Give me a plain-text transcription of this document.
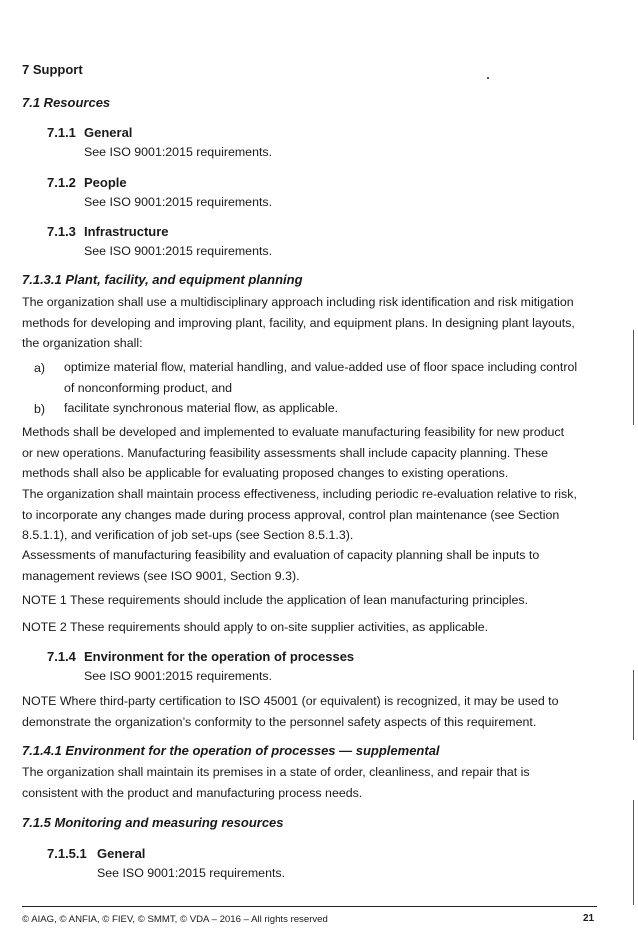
7 Support
7.1 Resources
7.1.1 General
See ISO 9001:2015 requirements.
7.1.2 People
See ISO 9001:2015 requirements.
7.1.3 Infrastructure
See ISO 9001:2015 requirements.
7.1.3.1 Plant, facility, and equipment planning
The organization shall use a multidisciplinary approach including risk identification and risk mitigation
methods for developing and improving plant, facility, and equipment plans. In designing plant layouts,
the organization shall:
a) optimize material flow, material handling, and value-added use of floor space including control
of nonconforming product, and
b) facilitate synchronous material flow, as applicable.
Methods shall be developed and implemented to evaluate manufacturing feasibility for new product
or new operations. Manufacturing feasibility assessments shall include capacity planning. These
methods shall also be applicable for evaluating proposed changes to existing operations.
The organization shall maintain process effectiveness, including periodic re-evaluation relative to risk,
to incorporate any changes made during process approval, control plan maintenance (see Section
8.5.1.1), and verification of job set-ups (see Section 8.5.1.3).
Assessments of manufacturing feasibility and evaluation of capacity planning shall be inputs to
management reviews (see ISO 9001, Section 9.3).
NOTE 1 These requirements should include the application of lean manufacturing principles.
NOTE 2 These requirements should apply to on-site supplier activities, as applicable.
7.1.4 Environment for the operation of processes
See ISO 9001:2015 requirements.
NOTE Where third-party certification to ISO 45001 (or equivalent) is recognized, it may be used to
demonstrate the organization’s conformity to the personnel safety aspects of this requirement.
7.1.4.1 Environment for the operation of processes — supplemental
The organization shall maintain its premises in a state of order, cleanliness, and repair that is
consistent with the product and manufacturing process needs.
7.1.5 Monitoring and measuring resources
7.1.5.1 General
See ISO 9001:2015 requirements.
© AIAG, © ANFIA, © FIEV, © SMMT, © VDA – 2016 – All rights reserved	21
